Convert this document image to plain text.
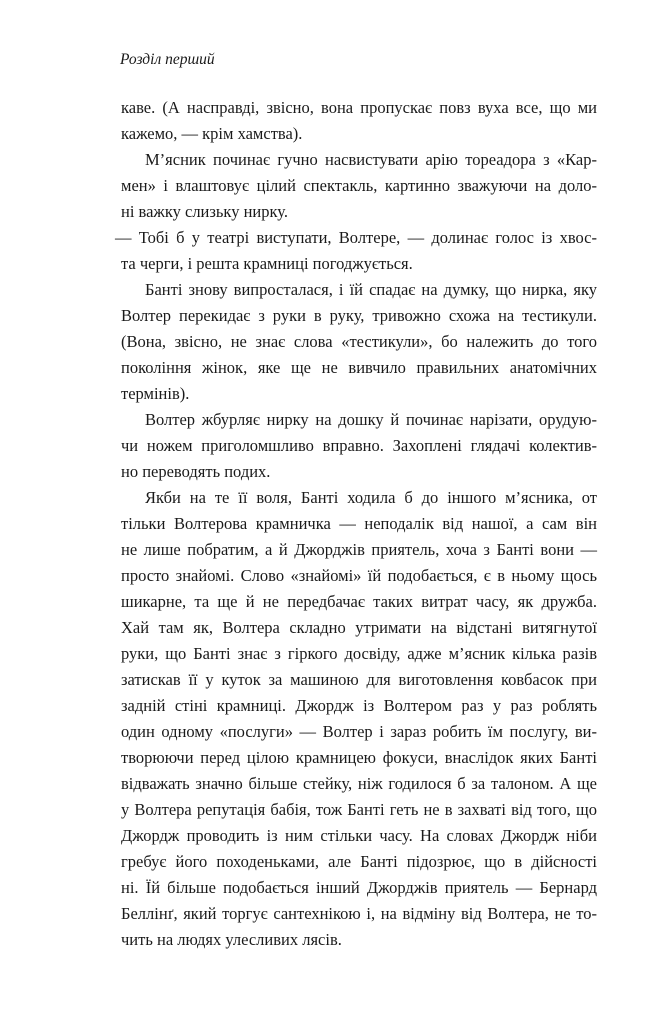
Розділ перший
каве. (А насправді, звісно, вона пропускає повз вуха все, що ми
кажемо, — крім хамства).
М’ясник починає гучно насвистувати арію тореадора з «Кар-
мен» і влаштовує цілий спектакль, картинно зважуючи на доло-
ні важку слизьку нирку.
— Тобі б у театрі виступати, Волтере, — долинає голос із хвос-
та черги, і решта крамниці погоджується.
Банті знову випросталася, і їй спадає на думку, що нирка, яку
Волтер перекидає з руки в руку, тривожно схожа на тестикули.
(Вона, звісно, не знає слова «тестикули», бо належить до того
покоління жінок, яке ще не вивчило правильних анатомічних
термінів).
Волтер жбурляє нирку на дошку й починає нарізати, орудую-
чи ножем приголомшливо вправно. Захоплені глядачі колектив-
но переводять подих.
Якби на те її воля, Банті ходила б до іншого м’ясника, от
тільки Волтерова крамничка — неподалік від нашої, а сам він
не лише побратим, а й Джорджів приятель, хоча з Банті вони —
просто знайомі. Слово «знайомі» їй подобається, є в ньому щось
шикарне, та ще й не передбачає таких витрат часу, як дружба.
Хай там як, Волтера складно утримати на відстані витягнутої
руки, що Банті знає з гіркого досвіду, адже м’ясник кілька разів
затискав її у куток за машиною для виготовлення ковбасок при
задній стіні крамниці. Джордж із Волтером раз у раз роблять
один одному «послуги» — Волтер і зараз робить їм послугу, ви-
творюючи перед цілою крамницею фокуси, внаслідок яких Банті
відважать значно більше стейку, ніж годилося б за талоном. А ще
у Волтера репутація бабія, тож Банті геть не в захваті від того, що
Джордж проводить із ним стільки часу. На словах Джордж ніби
гребує його походеньками, але Банті підозрює, що в дійсності
ні. Їй більше подобається інший Джорджів приятель — Бернард
Беллінґ, який торгує сантехнікою і, на відміну від Волтера, не то-
чить на людях улесливих лясів.
